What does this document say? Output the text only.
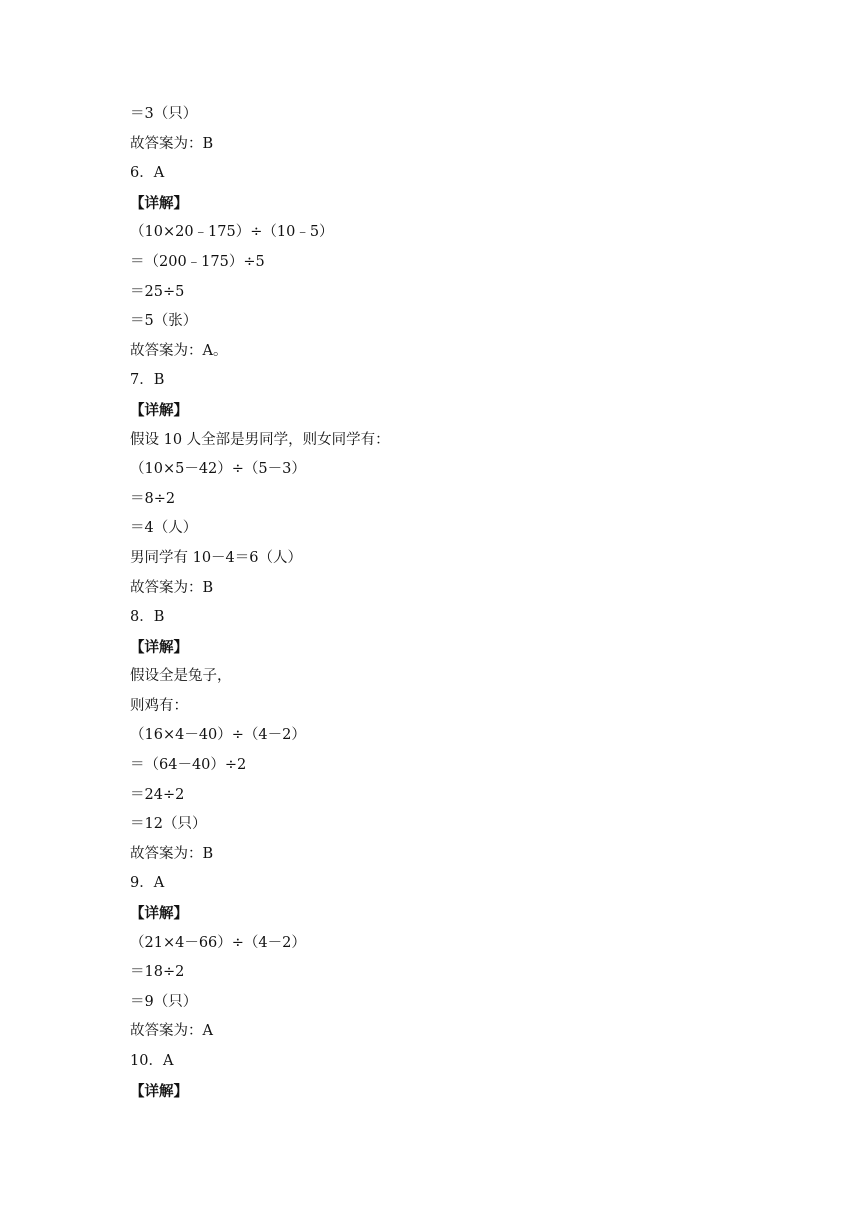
＝3（只）
故答案为：B
6．A
【详解】
（10×20﹣175）÷（10﹣5）
＝（200﹣175）÷5
＝25÷5
＝5（张）
故答案为：A。
7．B
【详解】
假设 10 人全部是男同学，则女同学有：
（10×5－42）÷（5－3）
＝8÷2
＝4（人）
男同学有 10－4＝6（人）
故答案为：B
8．B
【详解】
假设全是兔子，
则鸡有：
（16×4－40）÷（4－2）
＝（64－40）÷2
＝24÷2
＝12（只）
故答案为：B
9．A
【详解】
（21×4－66）÷（4－2）
＝18÷2
＝9（只）
故答案为：A
10．A
【详解】
